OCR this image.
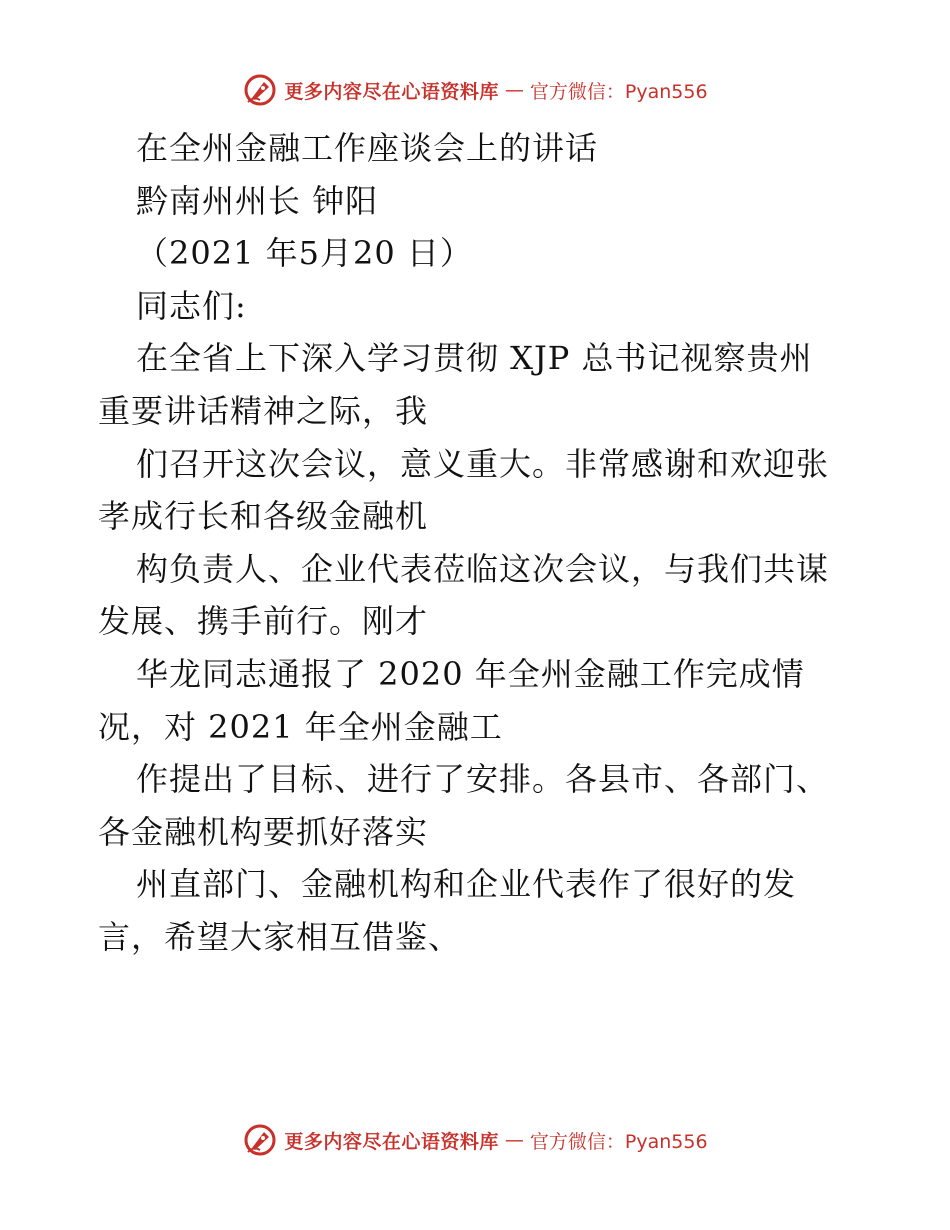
更多内容尽在心语资料库 — 官方微信：Pyan556
在全州金融工作座谈会上的讲话
黔南州州长 钟阳
（2021 年5月20 日）
同志们:
在全省上下深入学习贯彻 XJP 总书记视察贵州
重要讲话精神之际，我
们召开这次会议，意义重大。非常感谢和欢迎张
孝成行长和各级金融机
构负责人、企业代表莅临这次会议，与我们共谋
发展、携手前行。刚才
华龙同志通报了 2020 年全州金融工作完成情
况，对 2021 年全州金融工
作提出了目标、进行了安排。各县市、各部门、
各金融机构要抓好落实
州直部门、金融机构和企业代表作了很好的发
言，希望大家相互借鉴、
更多内容尽在心语资料库 — 官方微信：Pyan556
